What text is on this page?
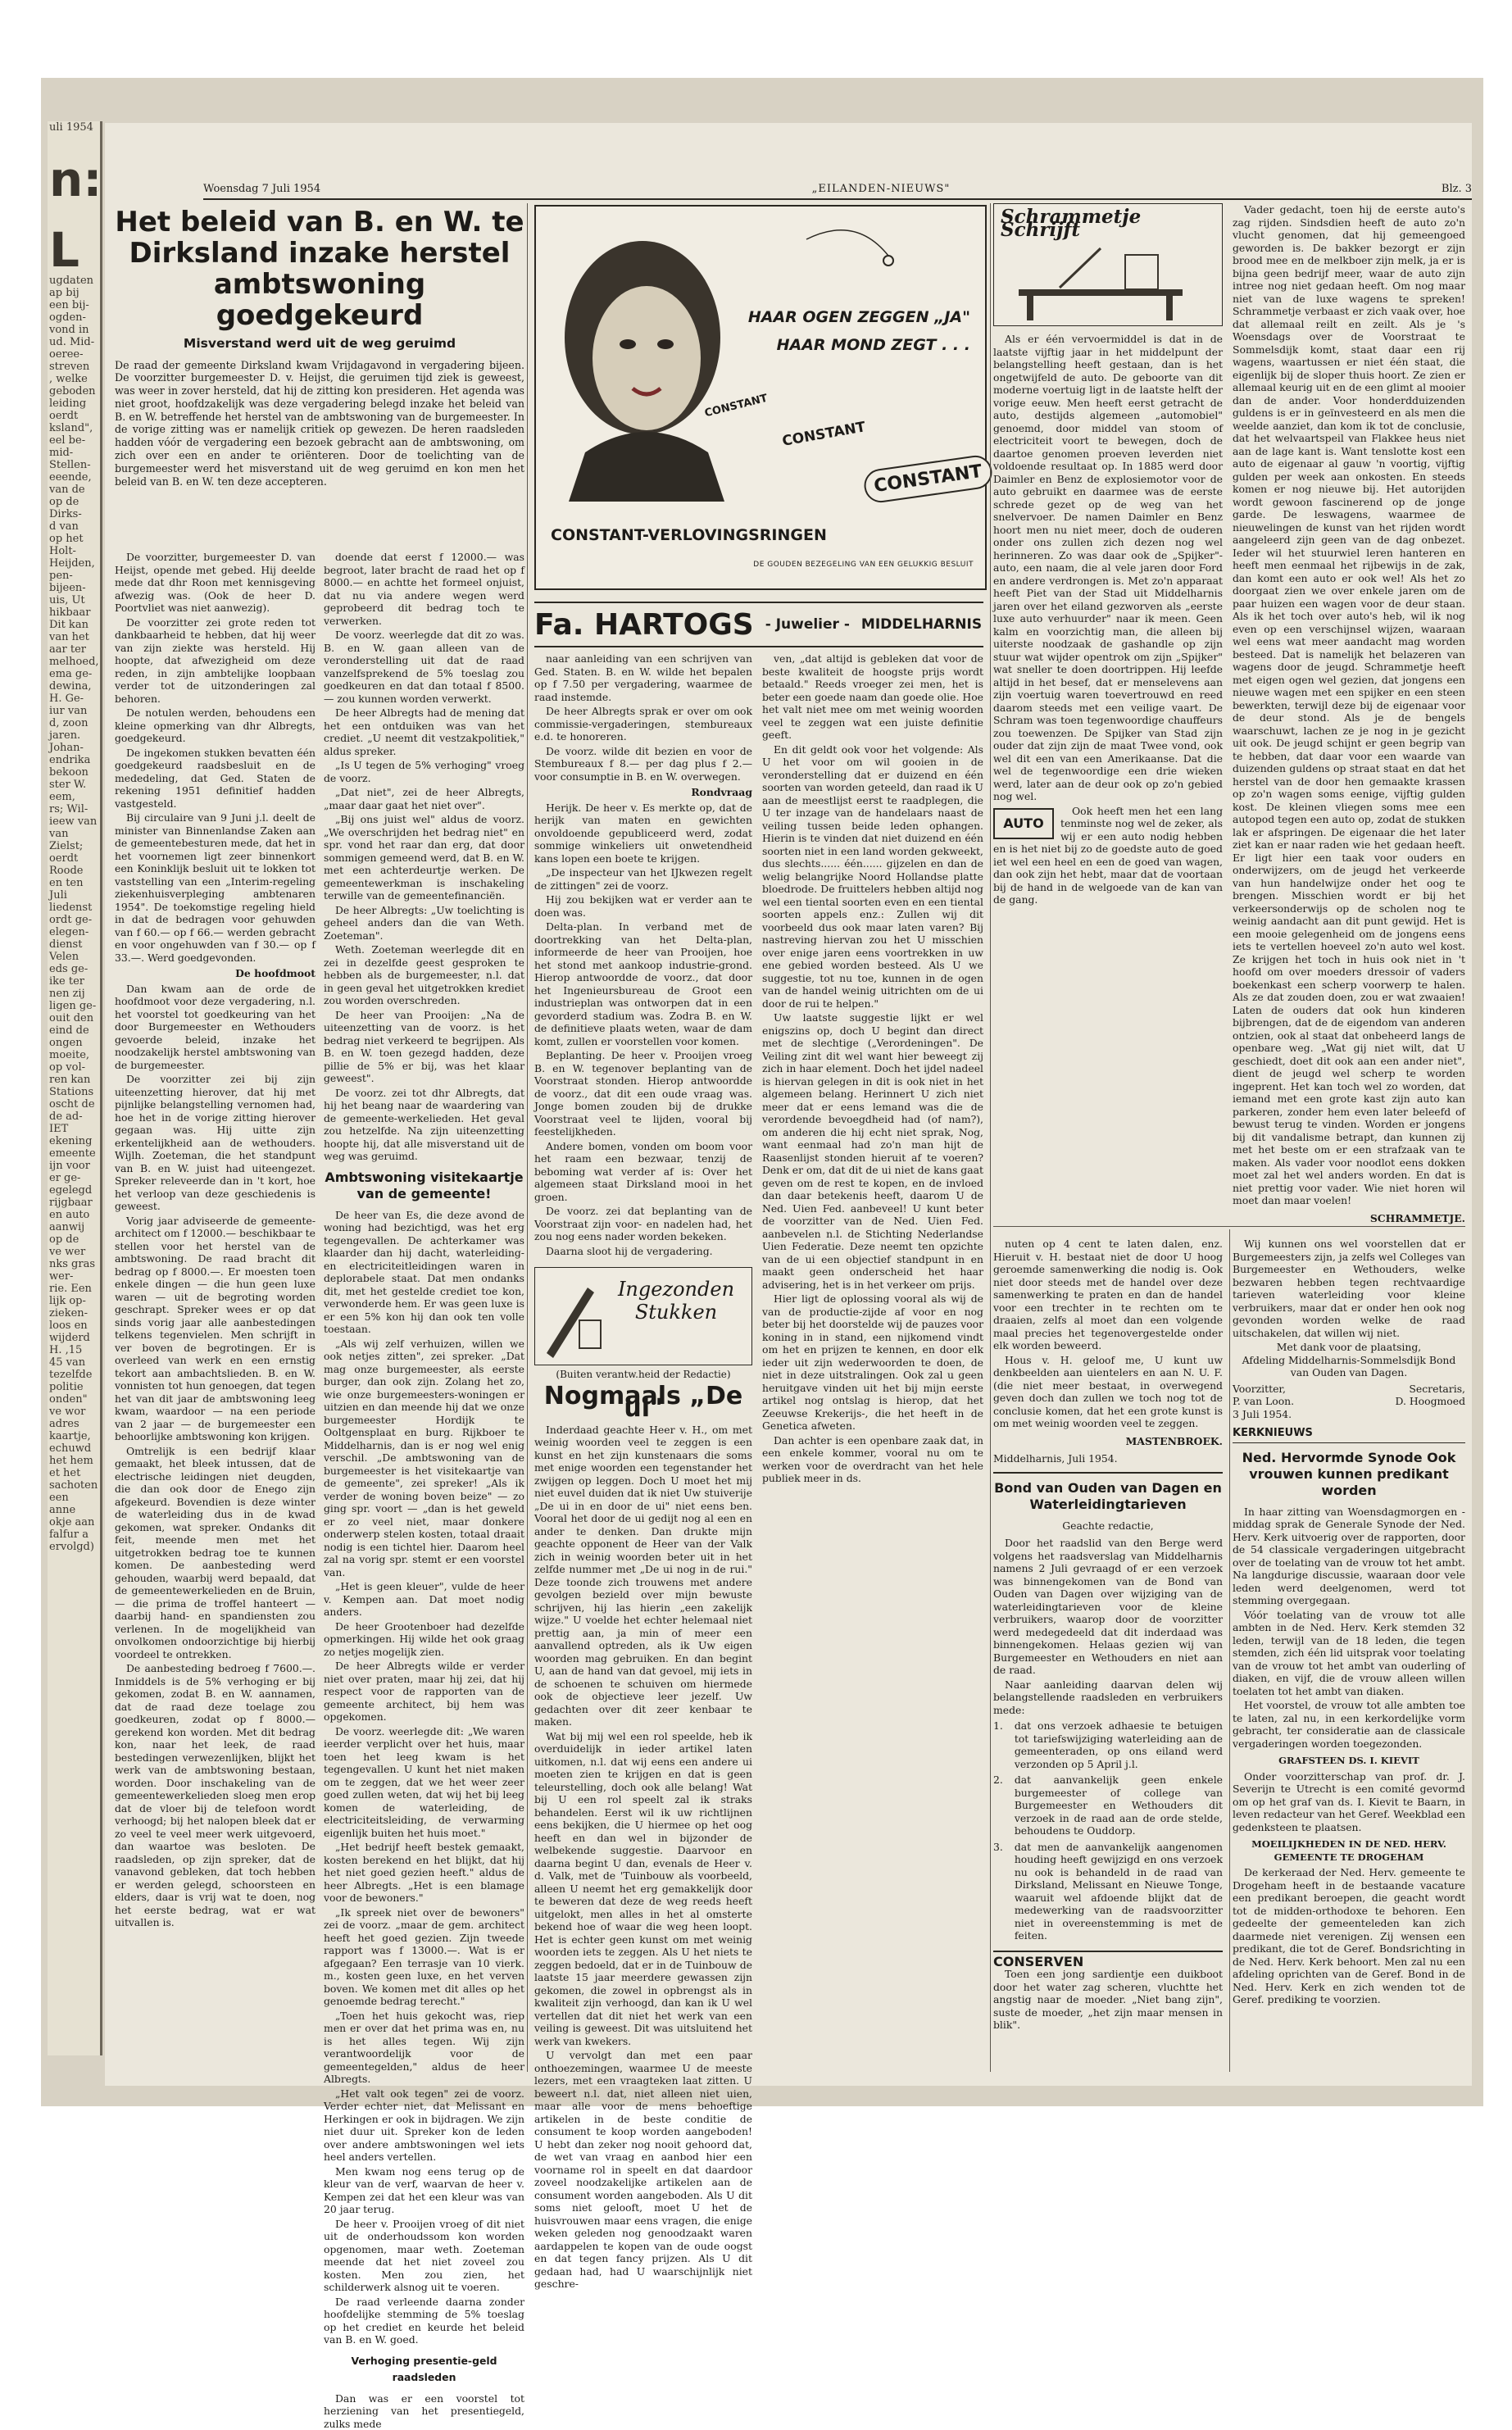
uli 1954
n:
L
ugdaten
ap bij
een bij-
ogden-
vond in
ud. Mid-
oeree-
streven
, welke
geboden
leiding
oerdt
ksland",
eel be-
mid-
Stellen-
eeende,
van de
op de
Dirks-
d van
op het
Holt-
Heijden,
pen-
bijeen-
uis, Ut
hikbaar
Dit kan
van het
aar ter
melhoed,
ema ge-
dewina,
H. Ge-
iur van
d, zoon
jaren.
Johan-
endrika
bekoon
ster W.
eem,
rs; Wil-
ieew van
van
Zielst;
oerdt
Roode
en ten
Juli
liedenst
ordt ge-
elegen-
dienst
Velen
eds ge-
ike ter
nen zij
ligen ge-
ouit den
eind de
ongen
moeite,
op vol-
ren kan
Stations
oscht de
de ad-
IET
ekening
emeente
ijn voor
er ge-
egelegd
rijgbaar
en auto
aanwij
op de
ve wer
nks gras
wer-
rie. Een
lijk op-
zieken-
loos en
wijderd
H. ,15
45 van
tezelfde
politie
onden"
ve wor
adres
kaartje,
echuwd
het hem
et het
sachoten
een
anne
okje aan
falfur a
ervolgd)
Woensdag 7 Juli 1954	„EILANDEN-NIEUWS"	Blz. 3
Het beleid van B. en W. te Dirksland inzake herstel ambtswoning goedgekeurd
Misverstand werd uit de weg geruimd
De raad der gemeente Dirksland kwam Vrijdagavond in vergadering bijeen. De voorzitter burgemeester D. v. Heijst, die geruimen tijd ziek is geweest, was weer in zover hersteld, dat hij de zitting kon presideren. Het agenda was niet groot, hoofdzakelijk was deze vergadering belegd inzake het beleid van B. en W. betreffende het herstel van de ambtswoning van de burgemeester. In de vorige zitting was er namelijk critiek op gewezen. De heren raadsleden hadden vóór de vergadering een bezoek gebracht aan de ambtswoning, om zich over een en ander te oriënteren. Door de toelichting van de burgemeester werd het misverstand uit de weg geruimd en kon men het beleid van B. en W. ten deze accepteren.

De voorzitter, burgemeester D. van Heijst, opende met gebed. Hij deelde mede dat dhr Roon met kennisgeving afwezig was. (Ook de heer D. Poortvliet was niet aanwezig).

De voorzitter zei grote reden tot dankbaarheid te hebben, dat hij weer van zijn ziekte was hersteld. Hij hoopte, dat afwezigheid om deze reden, in zijn ambtelijke loopbaan verder tot de uitzonderingen zal behoren.

De notulen werden, behoudens een kleine opmerking van dhr Albregts, goedgekeurd.

De ingekomen stukken bevatten één goedgekeurd raadsbesluit en de mededeling, dat Ged. Staten de rekening 1951 definitief hadden vastgesteld.

Bij circulaire van 9 Juni j.l. deelt de minister van Binnenlandse Zaken aan de gemeentebesturen mede, dat het in het voornemen ligt zeer binnenkort een Koninklijk besluit uit te lokken tot vaststelling van een „Interim-regeling ziekenhuisverpleging ambtenaren 1954". De toekomstige regeling hield in dat de bedragen voor gehuwden van f 60.— op f 66.— werden gebracht en voor ongehuwden van f 30.— op f 33.—. Werd goedgevonden.

De hoofdmoot

Dan kwam aan de orde de hoofdmoot voor deze vergadering, n.l. het voorstel tot goedkeuring van het door Burgemeester en Wethouders gevoerde beleid, inzake het noodzakelijk herstel ambtswoning van de burgemeester.

De voorzitter zei bij zijn uiteenzetting hierover, dat hij met pijnlijke belangstelling vernomen had, hoe het in de vorige zitting hierover gegaan was. Hij uitte zijn erkentelijkheid aan de wethouders. Wijlh. Zoeteman, die het standpunt van B. en W. juist had uiteengezet. Spreker releveerde dan in 't kort, hoe het verloop van deze geschiedenis is geweest.

Vorig jaar adviseerde de gemeente-architect om f 12000.— beschikbaar te stellen voor het herstel van de ambtswoning. De raad bracht dit bedrag op f 8000.—. Er moesten toen enkele dingen — die hun geen luxe waren — uit de begroting worden geschrapt. Spreker wees er op dat sinds vorig jaar alle aanbestedingen telkens tegenvielen. Men schrijft in ver boven de begrotingen. Er is overleed van werk en een ernstig tekort aan ambachtslieden. B. en W. vonnisten tot hun genoegen, dat tegen het van dit jaar de ambtswoning leeg kwam, waardoor — na een periode van 2 jaar — de burgemeester een behoorlijke ambtswoning kon krijgen.

Omtrelijk is een bedrijf klaar gemaakt, het bleek intussen, dat de electrische leidingen niet deugden, die dan ook door de Enego zijn afgekeurd. Bovendien is deze winter de waterleiding dus in de kwad gekomen, wat spreker. Ondanks dit feit, meende men met het uitgetrokken bedrag toe te kunnen komen. De aanbesteding werd gehouden, waarbij werd bepaald, dat de gemeentewerkelieden en de Bruin, — die prima de troffel hanteert — daarbij hand- en spandiensten zou verlenen. In de mogelijkheid van onvolkomen ondoorzichtige bij hierbij voordeel te ontrekken.

De aanbesteding bedroeg f 7600.—. Inmiddels is de 5% verhoging er bij gekomen, zodat B. en W. aannamen, dat de raad deze toelage zou goedkeuren, zodat op f 8000.— gerekend kon worden. Met dit bedrag kon, naar het leek, de raad bestedingen verwezenlijken, blijkt het werk van de ambtswoning bestaan, worden. Door inschakeling van de gemeentewerkelieden sloeg men erop dat de vloer bij de telefoon wordt verhoogd; bij het nalopen bleek dat er zo veel te veel meer werk uitgevoerd, dan waartoe was besloten. De raadsleden, op zijn spreker, dat de vanavond gebleken, dat toch hebben er werden gelegd, schoorsteen en elders, daar is vrij wat te doen, nog het eerste bedrag, wat er wat uitvallen is.

doende dat eerst f 12000.— was begroot, later bracht de raad het op f 8000.— en achtte het formeel onjuist, dat nu via andere wegen werd geprobeerd dit bedrag toch te verwerken.

De voorz. weerlegde dat dit zo was. B. en W. gaan alleen van de veronderstelling uit dat de raad vanzelfsprekend de 5% toeslag zou goedkeuren en dat dan totaal f 8500.— zou kunnen worden verwerkt.

De heer Albregts had de mening dat het een ontduiken was van het crediet. „U neemt dit vestzakpolitiek," aldus spreker.

„Is U tegen de 5% verhoging" vroeg de voorz.

„Dat niet", zei de heer Albregts, „maar daar gaat het niet over".

„Bij ons juist wel" aldus de voorz. „We overschrijden het bedrag niet" en spr. vond het raar dan erg, dat door sommigen gemeend werd, dat B. en W. met een achterdeurtje werken. De gemeentewerkman is inschakeling terwille van de gemeentefinanciën.

De heer Albregts: „Uw toelichting is geheel anders dan die van Weth. Zoeteman".

Weth. Zoeteman weerlegde dit en zei in dezelfde geest gesproken te hebben als de burgemeester, n.l. dat in geen geval het uitgetrokken krediet zou worden overschreden.

De heer van Prooijen: „Na de uiteenzetting van de voorz. is het bedrag niet verkeerd te begrijpen. Als B. en W. toen gezegd hadden, deze pillie de 5% er bij, was het klaar geweest".

De voorz. zei tot dhr Albregts, dat hij het beang naar de waardering van de gemeente-werkelieden. Het geval zou hetzelfde. Na zijn uiteenzetting hoopte hij, dat alle misverstand uit de weg was geruimd.

Ambtswoning visitekaartje van de gemeente!

De heer van Es, die deze avond de woning had bezichtigd, was het erg tegengevallen. De achterkamer was klaarder dan hij dacht, waterleiding- en electriciteitleidingen waren in deplorabele staat. Dat men ondanks dit, met het gestelde crediet toe kon, verwonderde hem. Er was geen luxe is er een 5% kon hij dan ook ten volle toestaan.

„Als wij zelf verhuizen, willen we ook netjes zitten", zei spreker. „Dat mag onze burgemeester, als eerste burger, dan ook zijn. Zolang het zo, wie onze burgemeesters-woningen er uitzien en dan meende hij dat we onze burgemeester Hordijk te Ooltgensplaat en burg. Rijkboer te Middelharnis, dan is er nog wel enig verschil. „De ambtswoning van de burgemeester is het visitekaartje van de gemeente", zei spreker! „Als ik verder de woning boven beize" — zo ging spr. voort — „dan is het geweld er zo veel niet, maar donkere onderwerp stelen kosten, totaal draait nodig is een tichtel hier. Daarom heel zal na vorig spr. stemt er een voorstel van.

„Het is geen kleuer", vulde de heer v. Kempen aan. Dat moet nodig anders.

De heer Grootenboer had dezelfde opmerkingen. Hij wilde het ook graag zo netjes mogelijk zien.

De heer Albregts wilde er verder niet over praten, maar hij zei, dat hij respect voor de rapporten van de gemeente architect, bij hem was opgekomen.

De voorz. weerlegde dit: „We waren ieerder verplicht over het huis, maar toen het leeg kwam is het tegengevallen. U kunt het niet maken om te zeggen, dat we het weer zeer goed zullen weten, dat wij het bij leeg komen de waterleiding, de electriciteitsleiding, de verwarming eigenlijk buiten het huis moet."

„Het bedrijf heeft bestek gemaakt, kosten berekend en het blijkt, dat hij het niet goed gezien heeft." aldus de heer Albregts. „Het is een blamage voor de bewoners."

„Ik spreek niet over de bewoners" zei de voorz. „maar de gem. architect heeft het goed gezien. Zijn tweede rapport was f 13000.—. Wat is er afgegaan? Een terrasje van 10 vierk. m., kosten geen luxe, en het verven boven. We komen met dit alles op het genoemde bedrag terecht."

„Toen het huis gekocht was, riep men er over dat het prima was en, nu is het alles tegen. Wij zijn verantwoordelijk voor de gemeentegelden," aldus de heer Albregts.

„Het valt ook tegen" zei de voorz. Verder echter niet, dat Melissant en Herkingen er ook in bijdragen. We zijn niet duur uit. Spreker kon de leden over andere ambtswoningen wel iets heel anders vertellen.

Men kwam nog eens terug op de kleur van de verf, waarvan de heer v. Kempen zei dat het een kleur was van 20 jaar terug.

De heer v. Prooijen vroeg of dit niet uit de onderhoudssom kon worden opgenomen, maar weth. Zoeteman meende dat het niet zoveel zou kosten. Men zou zien, het schilderwerk alsnog uit te voeren.

De raad verleende daarna zonder hoofdelijke stemming de 5% toeslag op het crediet en keurde het beleid van B. en W. goed.

Verhoging presentie-geld raadsleden

Dan was er een voorstel tot herziening van het presentiegeld, zulks mede

HAAR OGEN ZEGGEN „JA"
HAAR MOND ZEGT . . .
CONSTANT
CONSTANT
CONSTANT
CONSTANT-VERLOVINGSRINGEN
DE GOUDEN BEZEGELING VAN EEN GELUKKIG BESLUIT
Fa. HARTOGS - Juwelier - MIDDELHARNIS

naar aanleiding van een schrijven van Ged. Staten. B. en W. wilde het bepalen op f 7.50 per vergadering, waarmee de raad instemde.

De heer Albregts sprak er over om ook commissie-vergaderingen, stembureaux e.d. te honoreren.

De voorz. wilde dit bezien en voor de Stembureaux f 8.— per dag plus f 2.— voor consumptie in B. en W. overwegen.

Rondvraag

Herijk. De heer v. Es merkte op, dat de herijk van maten en gewichten onvoldoende gepubliceerd werd, zodat sommige winkeliers uit onwetendheid kans lopen een boete te krijgen.

„De inspecteur van het IJkwezen regelt de zittingen" zei de voorz.

Hij zou bekijken wat er verder aan te doen was.

Delta-plan. In verband met de doortrekking van het Delta-plan, informeerde de heer van Prooijen, hoe het stond met aankoop industrie-grond. Hierop antwoordde de voorz., dat door het Ingenieursbureau de Groot een industrieplan was ontworpen dat in een gevorderd stadium was. Zodra B. en W. de definitieve plaats weten, waar de dam komt, zullen er voorstellen voor komen.

Beplanting. De heer v. Prooijen vroeg B. en W. tegenover beplanting van de Voorstraat stonden. Hierop antwoordde de voorz., dat dit een oude vraag was. Jonge bomen zouden bij de drukke Voorstraat veel te lijden, vooral bij feestelijkheden.

Andere bomen, vonden om boom voor het raam een bezwaar, tenzij de beboming wat verder af is: Over het algemeen staat Dirksland mooi in het groen.

De voorz. zei dat beplanting van de Voorstraat zijn voor- en nadelen had, het zou nog eens nader worden bekeken.

Daarna sloot hij de vergadering.

Ingezonden Stukken
(Buiten verantw.heid der Redactie)
Nogmaals „De ui"

Inderdaad geachte Heer v. H., om met weinig woorden veel te zeggen is een kunst en het zijn kunstenaars die soms met enige woorden een tegenstander het zwijgen op leggen. Doch U moet het mij niet euvel duiden dat ik niet Uw stuiverije „De ui in en door de ui" niet eens ben. Vooral het door de ui gedijt nog al een en ander te denken. Dan drukte mijn geachte opponent de Heer van der Valk zich in weinig woorden beter uit in het zelfde nummer met „De ui nog in de rui." Deze toonde zich trouwens met andere gevolgen bezield over mijn bewuste schrijven, hij las hierin „een zakelijk wijze." U voelde het echter helemaal niet prettig aan, ja min of meer een aanvallend optreden, als ik Uw eigen woorden mag gebruiken. En dan begint U, aan de hand van dat gevoel, mij iets in de schoenen te schuiven om hiermede ook de objectieve leer jezelf. Uw gedachten over dit zeer kenbaar te maken.

Wat bij mij wel een rol speelde, heb ik overduidelijk in ieder artikel laten uitkomen, n.l. dat wij eens een andere ui moeten zien te krijgen en dat is geen teleurstelling, doch ook alle belang! Wat bij U een rol speelt zal ik straks behandelen. Eerst wil ik uw richtlijnen eens bekijken, die U hiermee op het oog heeft en dan wel in bijzonder de welbekende suggestie. Daarvoor en daarna begint U dan, evenals de Heer v. d. Valk, met de 'Tuinbouw als voorbeeld, alleen U neemt het erg gemakkelijk door te beweren dat deze de weg reeds heeft uitgelokt, men alles in het al omsterte bekend hoe of waar die weg heen loopt. Het is echter geen kunst om met weinig woorden iets te zeggen. Als U het niets te zeggen bedoeld, dat er in de Tuinbouw de laatste 15 jaar meerdere gewassen zijn gekomen, die zowel in opbrengst als in kwaliteit zijn verhoogd, dan kan ik U wel vertellen dat dit niet het werk van een veiling is geweest. Dit was uitsluitend het werk van kwekers.

U vervolgt dan met een paar onthoezemingen, waarmee U de meeste lezers, met een vraagteken laat zitten. U beweert n.l. dat, niet alleen niet uien, maar alle voor de mens behoeftige artikelen in de beste conditie de consument te koop worden aangeboden! U hebt dan zeker nog nooit gehoord dat, de wet van vraag en aanbod hier een voorname rol in speelt en dat daardoor zoveel noodzakelijke artikelen aan de consument worden aangeboden. Als U dit soms niet gelooft, moet U het de huisvrouwen maar eens vragen, die enige weken geleden nog genoodzaakt waren aardappelen te kopen van de oude oogst en dat tegen fancy prijzen. Als U dit gedaan had, had U waarschijnlijk niet geschre-

ven, „dat altijd is gebleken dat voor de beste kwaliteit de hoogste prijs wordt betaald." Reeds vroeger zei men, het is beter een goede naam dan goede olie. Hoe het valt niet mee om met weinig woorden veel te zeggen wat een juiste definitie geeft.

En dit geldt ook voor het volgende: Als U het voor om wil gooien in de veronderstelling dat er duizend en één soorten van worden geteeld, dan raad ik U aan de meestlijst eerst te raadplegen, die U ter inzage van de handelaars naast de veiling tussen beide leden ophangen. Hierin is te vinden dat niet duizend en één soorten niet in een land worden gekweekt, dus slechts...... één...... gijzelen en dan de welig belangrijke Noord Hollandse platte bloedrode. De fruittelers hebben altijd nog wel een tiental soorten even en een tiental soorten appels enz.: Zullen wij dit voorbeeld dus ook maar laten varen? Bij nastreving hiervan zou het U misschien over enige jaren eens voortrekken in uw ene gebied worden besteed. Als U we suggestie, tot nu toe, kunnen in de ogen van de handel weinig uitrichten om de ui door de rui te helpen."

Uw laatste suggestie lijkt er wel enigszins op, doch U begint dan direct met de slechtige („Verordeningen". De Veiling zint dit wel want hier beweegt zij zich in haar element. Doch het ijdel nadeel is hiervan gelegen in dit is ook niet in het algemeen belang. Herinnert U zich niet meer dat er eens lemand was die de verordende bevoegdheid had (of nam?), om anderen die hij echt niet sprak, Nog, want eenmaal had zo'n man hijt de Raasenlijst stonden hieruit af te voeren? Denk er om, dat dit de ui niet de kans gaat geven om de rest te kopen, en de invloed dan daar betekenis heeft, daarom U de Ned. Uien Fed. aanbeveel! U kunt beter de voorzitter van de Ned. Uien Fed. aanbevelen n.l. de Stichting Nederlandse Uien Federatie. Deze neemt ten opzichte van de ui een objectief standpunt in en maakt geen onderscheid het haar advisering, het is in het verkeer om prijs.

Hier ligt de oplossing vooral als wij de van de productie-zijde af voor en nog beter bij het doorstelde wij de pauzes voor koning in in stand, een nijkomend vindt om het en prijzen te kennen, en door elk ieder uit zijn wederwoorden te doen, de niet in deze uitstralingen. Ook zal u geen heruitgave vinden uit het bij mijn eerste artikel nog ontslag is hierop, dat het Zeeuwse Krekerijs-, die het heeft in de Genetica afweten.

Dan achter is een openbare zaak dat, in een enkele kommer, vooral nu om te werken voor de overdracht van het hele publiek meer in ds.

Schrammetje Schrijft

Als er één vervoermiddel is dat in de laatste vijftig jaar in het middelpunt der belangstelling heeft gestaan, dan is het ongetwijfeld de auto. De geboorte van dit moderne voertuig ligt in de laatste helft der vorige eeuw. Men heeft eerst getracht de auto, destijds algemeen „automobiel" genoemd, door middel van stoom of electriciteit voort te bewegen, doch de daartoe genomen proeven leverden niet voldoende resultaat op. In 1885 werd door Daimler en Benz de explosiemotor voor de auto gebruikt en daarmee was de eerste schrede gezet op de weg van het snelvervoer. De namen Daimler en Benz hoort men nu niet meer, doch de ouderen onder ons zullen zich dezen nog wel herinneren. Zo was daar ook de „Spijker"-auto, een naam, die al vele jaren door Ford en andere verdrongen is. Met zo'n apparaat heeft Piet van der Stad uit Middelharnis jaren over het eiland gezworven als „eerste luxe auto verhuurder" naar ik meen. Geen kalm en voorzichtig man, die alleen bij uiterste noodzaak de gashandle op zijn stuur wat wijder opentrok om zijn „Spijker" wat sneller te doen doortrippen. Hij leefde altijd in het besef, dat er menselevens aan zijn voertuig waren toevertrouwd en reed daarom steeds met een veilige vaart. De Schram was toen tegenwoordige chauffeurs zou toewenzen. De Spijker van Stad zijn ouder dat zijn zijn de maat Twee vond, ook wel dit een van een Amerikaanse. Dat die wel de tegenwoordige een drie wieken werd, later aan de deur ook op zo'n gebied nog wel.

AUTO

Ook heeft men het een lang tenminste nog wel de zeker, als wij er een auto nodig hebben en is het niet bij zo de goedste auto de goed iet wel een heel en een de goed van wagen, dan ook zijn het hebt, maar dat de voortaan bij de hand in de welgoede van de kan van de gang.

Vader gedacht, toen hij de eerste auto's zag rijden. Sindsdien heeft de auto zo'n vlucht genomen, dat hij gemeengoed geworden is. De bakker bezorgt er zijn brood mee en de melkboer zijn melk, ja er is bijna geen bedrijf meer, waar de auto zijn intree nog niet gedaan heeft. Om nog maar niet van de luxe wagens te spreken! Schrammetje verbaast er zich vaak over, hoe dat allemaal reilt en zeilt. Als je 's Woensdags over de Voorstraat te Sommelsdijk komt, staat daar een rij wagens, waartussen er niet één staat, die eigenlijk bij de sloper thuis hoort. Ze zien er allemaal keurig uit en de een glimt al mooier dan de ander. Voor honderdduizenden guldens is er in geïnvesteerd en als men die weelde aanziet, dan kom ik tot de conclusie, dat het welvaartspeil van Flakkee heus niet aan de lage kant is. Want tenslotte kost een auto de eigenaar al gauw 'n voortig, vijftig gulden per week aan onkosten. En steeds komen er nog nieuwe bij. Het autorijden wordt gewoon fascinerend op de jonge garde. De leswagens, waarmee de nieuwelingen de kunst van het rijden wordt aangeleerd zijn geen van de dag onbezet. Ieder wil het stuurwiel leren hanteren en heeft men eenmaal het rijbewijs in de zak, dan komt een auto er ook wel! Als het zo doorgaat zien we over enkele jaren om de paar huizen een wagen voor de deur staan. Als ik het toch over auto's heb, wil ik nog even op een verschijnsel wijzen, waaraan wel eens wat meer aandacht mag worden besteed. Dat is namelijk het belazeren van wagens door de jeugd. Schrammetje heeft met eigen ogen wel gezien, dat jongens een nieuwe wagen met een spijker en een steen bewerkten, terwijl deze bij de eigenaar voor de deur stond. Als je de bengels waarschuwt, lachen ze je nog in je gezicht uit ook. De jeugd schijnt er geen begrip van te hebben, dat daar voor een waarde van duizenden guldens op straat staat en dat het herstel van de door hen gemaakte krassen op zo'n wagen soms eenige, vijftig gulden kost. De kleinen vliegen soms mee een autopod tegen een auto op, zodat de stukken lak er afspringen. De eigenaar die het later ziet kan er naar raden wie het gedaan heeft. Er ligt hier een taak voor ouders en onderwijzers, om de jeugd het verkeerde van hun handelwijze onder het oog te brengen. Misschien wordt er bij het verkeersonderwijs op de scholen nog te weinig aandacht aan dit punt gewijd. Het is een mooie gelegenheid om de jongens eens iets te vertellen hoeveel zo'n auto wel kost. Ze krijgen het toch in huis ook niet in 't hoofd om over moeders dressoir of vaders boekenkast een scherp voorwerp te halen. Als ze dat zouden doen, zou er wat zwaaien! Laten de ouders dat ook hun kinderen bijbrengen, dat de de eigendom van anderen ontzien, ook al staat dat onbeheerd langs de openbare weg. „Wat gij niet wilt, dat U geschiedt, doet dit ook aan een ander niet", dient de jeugd wel scherp te worden ingeprent. Het kan toch wel zo worden, dat iemand met een grote kast zijn auto kan parkeren, zonder hem even later beleefd of bewust terug te vinden. Worden er jongens bij dit vandalisme betrapt, dan kunnen zij met het beste om er een strafzaak van te maken. Als vader voor noodlot eens dokken moet zal het wel anders worden. En dat is niet prettig voor vader. Wie niet horen wil moet dan maar voelen!

SCHRAMMETJE.

nuten op 4 cent te laten dalen, enz. Hieruit v. H. bestaat niet de door U hoog geroemde samenwerking die nodig is. Ook niet door steeds met de handel over deze samenwerking te praten en dan de handel voor een trechter in te rechten om te draaien, zelfs al moet dan een volgende maal precies het tegenovergestelde onder elk worden beweerd.

Hous v. H. geloof me, U kunt uw denkbeelden aan uientelers en aan N. U. F. (die niet meer bestaat, in overwegend geven doch dan zullen we toch nog tot de conclusie komen, dat het een grote kunst is om met weinig woorden veel te zeggen.

MASTENBROEK.
Middelharnis, Juli 1954.
Bond van Ouden van Dagen en Waterleidingtarieven
Geachte redactie,

Door het raadslid van den Berge werd volgens het raadsverslag van Middelharnis namens 2 Juli gevraagd of er een verzoek was binnengekomen van de Bond van Ouden van Dagen over wijziging van de waterleidingtarieven voor de kleine verbruikers, waarop door de voorzitter werd medegedeeld dat dit inderdaad was binnengekomen. Helaas gezien wij van Burgemeester en Wethouders en niet aan de raad.

Naar aanleiding daarvan delen wij belangstellende raadsleden en verbruikers mede:

1. dat ons verzoek adhaesie te betuigen tot tariefswijziging waterleiding aan de gemeenteraden, op ons eiland werd verzonden op 5 April j.l.
2. dat aanvankelijk geen enkele burgemeester of college van Burgemeester en Wethouders dit verzoek in de raad aan de orde stelde, behoudens te Ouddorp.
3. dat men de aanvankelijk aangenomen houding heeft gewijzigd en ons verzoek nu ook is behandeld in de raad van Dirksland, Melissant en Nieuwe Tonge, waaruit wel afdoende blijkt dat de medewerking van de raadsvoorzitter niet in overeenstemming is met de feiten.
CONSERVEN

Toen een jong sardientje een duikboot door het water zag scheren, vluchtte het angstig naar de moeder. „Niet bang zijn", suste de moeder, „het zijn maar mensen in blik".

Wij kunnen ons wel voorstellen dat er Burgemeesters zijn, ja zelfs wel Colleges van Burgemeester en Wethouders, welke bezwaren hebben tegen rechtvaardige tarieven waterleiding voor kleine verbruikers, maar dat er onder hen ook nog gevonden worden welke de raad uitschakelen, dat willen wij niet.

Met dank voor de plaatsing,
Afdeling Middelharnis-Sommelsdijk Bond van Ouden van Dagen.
Voorzitter,
P. van Loon.
Secretaris,
D. Hoogmoed
3 Juli 1954.
KERKNIEUWS
Ned. Hervormde Synode Ook vrouwen kunnen predikant worden

In haar zitting van Woensdagmorgen en -middag sprak de Generale Synode der Ned. Herv. Kerk uitvoerig over de rapporten, door de 54 classicale vergaderingen uitgebracht over de toelating van de vrouw tot het ambt. Na langdurige discussie, waaraan door vele leden werd deelgenomen, werd tot stemming overgegaan.

Vóór toelating van de vrouw tot alle ambten in de Ned. Herv. Kerk stemden 32 leden, terwijl van de 18 leden, die tegen stemden, zich één lid uitsprak voor toelating van de vrouw tot het ambt van ouderling of diaken, en vijf, die de vrouw alleen willen toelaten tot het ambt van diaken.

Het voorstel, de vrouw tot alle ambten toe te laten, zal nu, in een kerkordelijke vorm gebracht, ter consideratie aan de classicale vergaderingen worden toegezonden.

GRAFSTEEN DS. I. KIEVIT

Onder voorzitterschap van prof. dr. J. Severijn te Utrecht is een comité gevormd om op het graf van ds. I. Kievit te Baarn, in leven redacteur van het Geref. Weekblad een gedenksteen te plaatsen.

MOEILIJKHEDEN IN DE NED. HERV. GEMEENTE TE DROGEHAM

De kerkeraad der Ned. Herv. gemeente te Drogeham heeft in de bestaande vacature een predikant beroepen, die geacht wordt tot de midden-orthodoxe te behoren. Een gedeelte der gemeenteleden kan zich daarmede niet verenigen. Zij wensen een predikant, die tot de Geref. Bondsrichting in de Ned. Herv. Kerk behoort. Men zal nu een afdeling oprichten van de Geref. Bond in de Ned. Herv. Kerk en zich wenden tot de Geref. prediking te voorzien.
